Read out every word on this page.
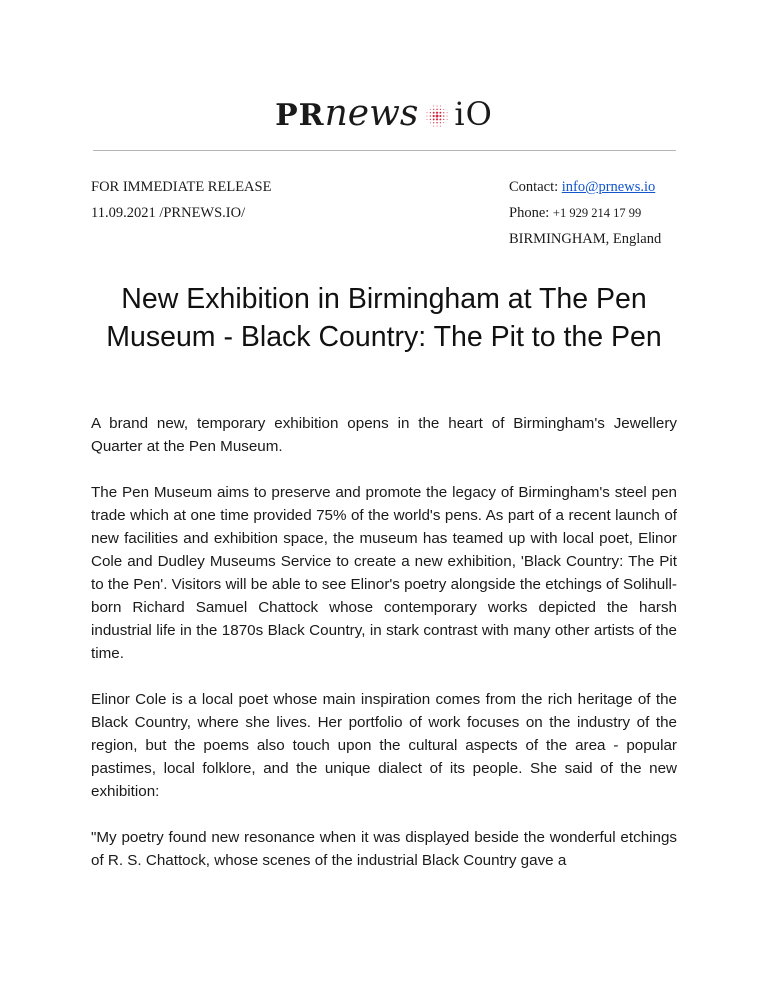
PRnews iO
FOR IMMEDIATE RELEASE
11.09.2021 /PRNEWS.IO/
Contact: info@prnews.io
Phone: +1 929 214 17 99
BIRMINGHAM, England
New Exhibition in Birmingham at The Pen Museum - Black Country: The Pit to the Pen

A brand new, temporary exhibition opens in the heart of Birmingham's Jewellery Quarter at the Pen Museum.

The Pen Museum aims to preserve and promote the legacy of Birmingham's steel pen trade which at one time provided 75% of the world's pens. As part of a recent launch of new facilities and exhibition space, the museum has teamed up with local poet, Elinor Cole and Dudley Museums Service to create a new exhibition, 'Black Country: The Pit to the Pen'. Visitors will be able to see Elinor's poetry alongside the etchings of Solihull-born Richard Samuel Chattock whose contemporary works depicted the harsh industrial life in the 1870s Black Country, in stark contrast with many other artists of the time.

Elinor Cole is a local poet whose main inspiration comes from the rich heritage of the Black Country, where she lives. Her portfolio of work focuses on the industry of the region, but the poems also touch upon the cultural aspects of the area - popular pastimes, local folklore, and the unique dialect of its people. She said of the new exhibition:

"My poetry found new resonance when it was displayed beside the wonderful etchings of R. S. Chattock, whose scenes of the industrial Black Country gave a
